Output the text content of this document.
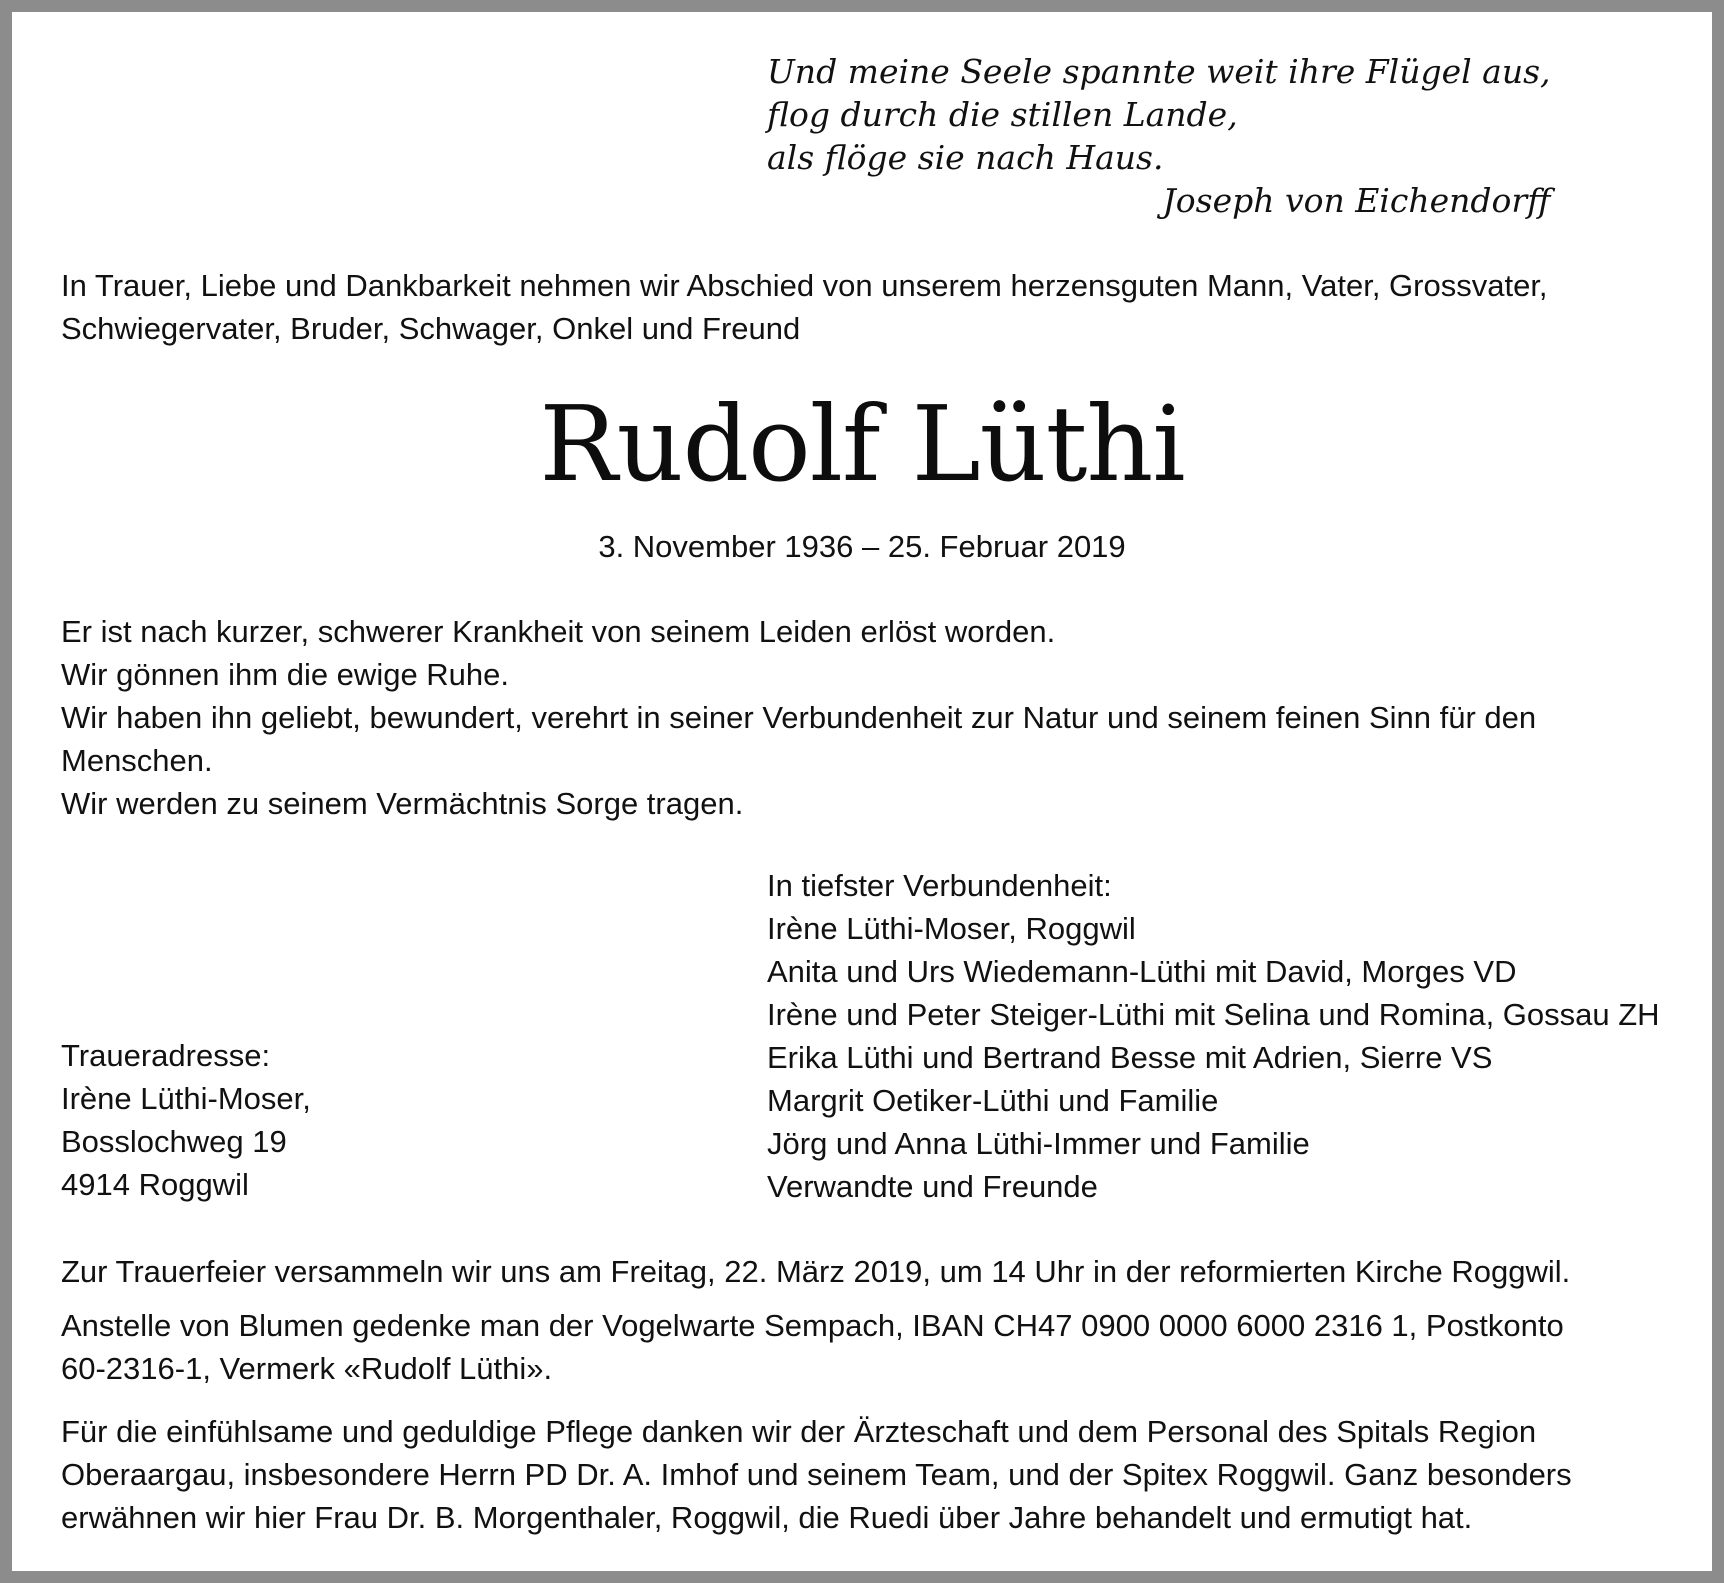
Und meine Seele spannte weit ihre Flügel aus,
flog durch die stillen Lande,
als flöge sie nach Haus.
Joseph von Eichendorff
In Trauer, Liebe und Dankbarkeit nehmen wir Abschied von unserem herzensguten Mann, Vater, Grossvater,
Schwiegervater, Bruder, Schwager, Onkel und Freund
Rudolf Lüthi
3. November 1936 – 25. Februar 2019
Er ist nach kurzer, schwerer Krankheit von seinem Leiden erlöst worden.
Wir gönnen ihm die ewige Ruhe.
Wir haben ihn geliebt, bewundert, verehrt in seiner Verbundenheit zur Natur und seinem feinen Sinn für den
Menschen.
Wir werden zu seinem Vermächtnis Sorge tragen.
In tiefster Verbundenheit:
Irène Lüthi-Moser, Roggwil
Anita und Urs Wiedemann-Lüthi mit David, Morges VD
Irène und Peter Steiger-Lüthi mit Selina und Romina, Gossau ZH
Erika Lüthi und Bertrand Besse mit Adrien, Sierre VS
Margrit Oetiker-Lüthi und Familie
Jörg und Anna Lüthi-Immer und Familie
Verwandte und Freunde
Traueradresse:
Irène Lüthi-Moser,
Bosslochweg 19
4914 Roggwil
Zur Trauerfeier versammeln wir uns am Freitag, 22. März 2019, um 14 Uhr in der reformierten Kirche Roggwil.
Anstelle von Blumen gedenke man der Vogelwarte Sempach, IBAN CH47 0900 0000 6000 2316 1, Postkonto
60-2316-1, Vermerk «Rudolf Lüthi».
Für die einfühlsame und geduldige Pflege danken wir der Ärzteschaft und dem Personal des Spitals Region
Oberaargau, insbesondere Herrn PD Dr. A. Imhof und seinem Team, und der Spitex Roggwil. Ganz besonders
erwähnen wir hier Frau Dr. B. Morgenthaler, Roggwil, die Ruedi über Jahre behandelt und ermutigt hat.
